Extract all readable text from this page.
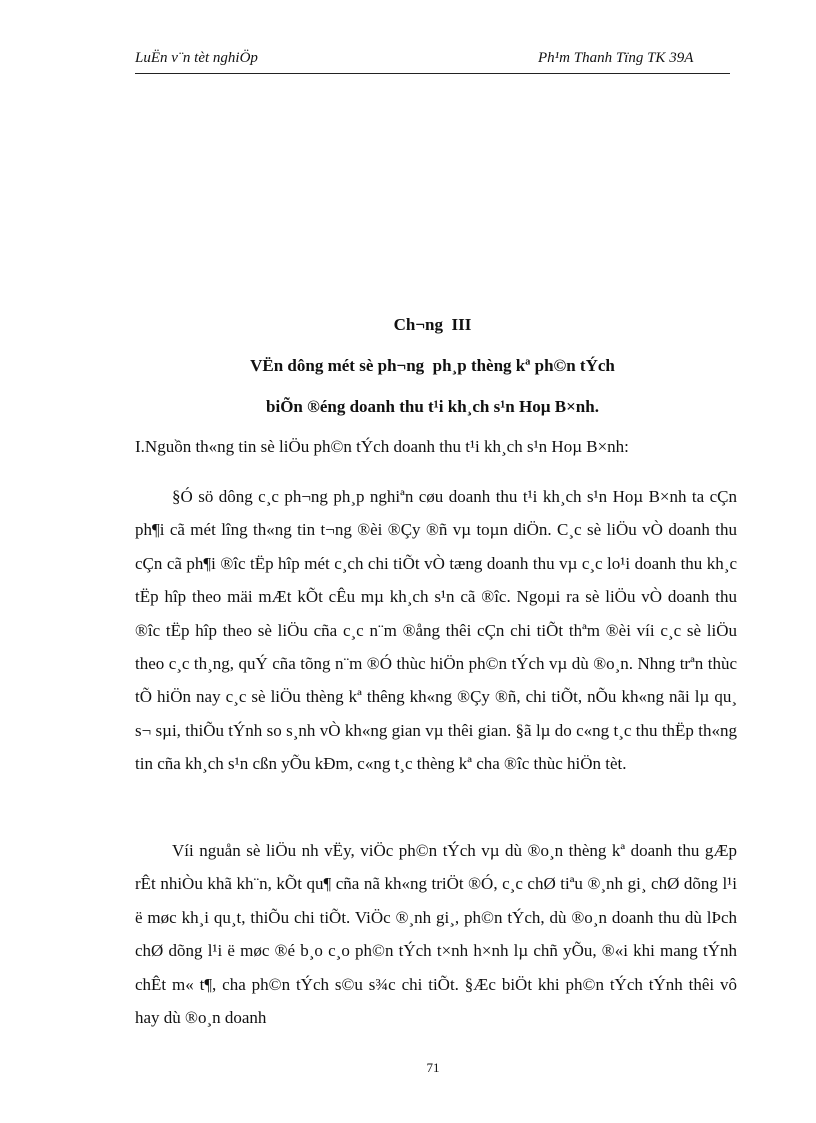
LuËn v¨n tèt nghiÖp	Ph¹m Thanh Tïng TK 39A
Ch¬ng  III
VËn dông mét sè ph¬ng  ph¸p thèng kª ph©n tÝch
biÕn ®éng doanh thu t¹i kh¸ch s¹n Hoµ B×nh.
I.Nguồn th«ng tin sè liÖu ph©n tÝch doanh thu t¹i kh¸ch s¹n Hoµ B×nh:

§Ó sö dông c¸c ph¬ng ph¸p nghiªn cøu doanh thu t¹i kh¸ch s¹n Hoµ B×nh ta cÇn ph¶i cã mét lîng th«ng tin t¬ng ®èi ®Çy ®ñ vµ toµn diÖn. C¸c sè liÖu vÒ doanh thu cÇn cã ph¶i ®îc tËp hîp mét c¸ch chi tiÕt vÒ tæng doanh thu vµ c¸c lo¹i doanh thu kh¸c tËp hîp theo mäi mÆt kÕt cÊu mµ kh¸ch s¹n cã ®îc. Ngoµi ra sè liÖu vÒ doanh thu ®îc tËp hîp theo sè liÖu cña c¸c n¨m ®ång thêi cÇn chi tiÕt thªm ®èi víi c¸c sè liÖu theo c¸c th¸ng, quÝ cña tõng n¨m ®Ó thùc hiÖn ph©n tÝch vµ dù ®o¸n. Nhng trªn thùc tÕ hiÖn nay c¸c sè liÖu thèng kª thêng kh«ng ®Çy ®ñ, chi tiÕt, nÕu kh«ng nãi lµ qu¸ s¬ sµi, thiÕu tÝnh so s¸nh vÒ kh«ng gian vµ thêi gian. §ã lµ do c«ng t¸c thu thËp th«ng tin cña kh¸ch s¹n cßn yÕu kÐm, c«ng t¸c thèng kª cha ®îc thùc hiÖn tèt.

Víi nguån sè liÖu nh vËy, viÖc ph©n tÝch vµ dù ®o¸n thèng kª doanh thu gÆp rÊt nhiÒu khã kh¨n, kÕt qu¶ cña nã kh«ng triÖt ®Ó, c¸c chØ tiªu ®¸nh gi¸ chØ dõng l¹i ë møc kh¸i qu¸t, thiÕu chi tiÕt. ViÖc ®¸nh gi¸, ph©n tÝch, dù ®o¸n doanh thu dù lÞch chØ dõng l¹i ë møc ®é b¸o c¸o ph©n tÝch t×nh h×nh lµ chñ yÕu, ®«i khi mang tÝnh chÊt m« t¶, cha ph©n tÝch s©u s¾c chi tiÕt. §Æc biÖt khi ph©n tÝch tÝnh thêi vô hay dù ®o¸n doanh

71
